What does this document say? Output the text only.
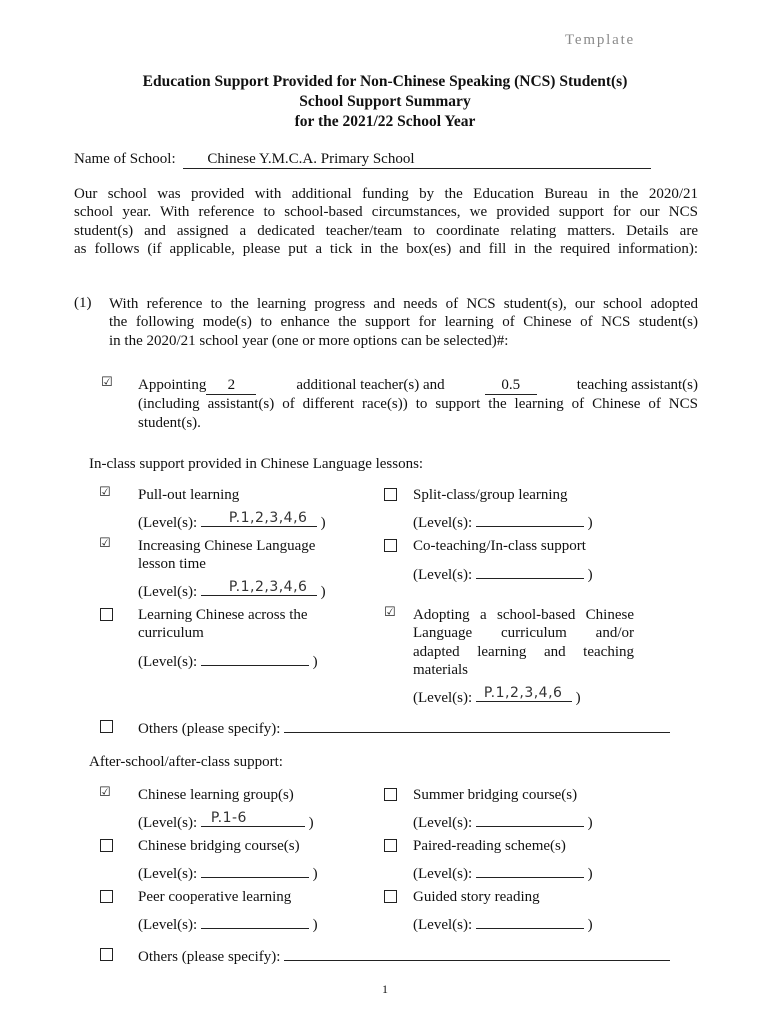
Template
Education Support Provided for Non-Chinese Speaking (NCS) Student(s)
School Support Summary
for the 2021/22 School Year
Name of School: Chinese Y.M.C.A. Primary School
Our school was provided with additional funding by the Education Bureau in the 2020/21
school year. With reference to school-based circumstances, we provided support for our NCS
student(s) and assigned a dedicated teacher/team to coordinate relating matters. Details are
as follows (if applicable, please put a tick in the box(es) and fill in the required information):
(1) With reference to the learning progress and needs of NCS student(s), our school adopted
the following mode(s) to enhance the support for learning of Chinese of NCS student(s)
in the 2020/21 school year (one or more options can be selected)#:
☑ Appointing 2	additional teacher(s) and	0.5	teaching assistant(s)
(including assistant(s) of different race(s)) to support the learning of Chinese of NCS
student(s).
In-class support provided in Chinese Language lessons:
☑ Pull-out learning
(Level(s): P.1,2,3,4,6 )
☑ Increasing Chinese Language
lesson time
(Level(s): P.1,2,3,4,6 )
Learning Chinese across the
curriculum
(Level(s):	)
Split-class/group learning
(Level(s):	)
Co-teaching/In-class support
(Level(s):	)
☑ Adopting a school-based Chinese
Language curriculum and/or
adapted learning and teaching
materials
(Level(s): P.1,2,3,4,6 )
Others (please specify):
After-school/after-class support:
☑ Chinese learning group(s)
(Level(s): P.1-6	)
Chinese bridging course(s)
(Level(s):	)
Peer cooperative learning
(Level(s):	)
Summer bridging course(s)
(Level(s):	)
Paired-reading scheme(s)
(Level(s):	)
Guided story reading
(Level(s):	)
Others (please specify):
1
